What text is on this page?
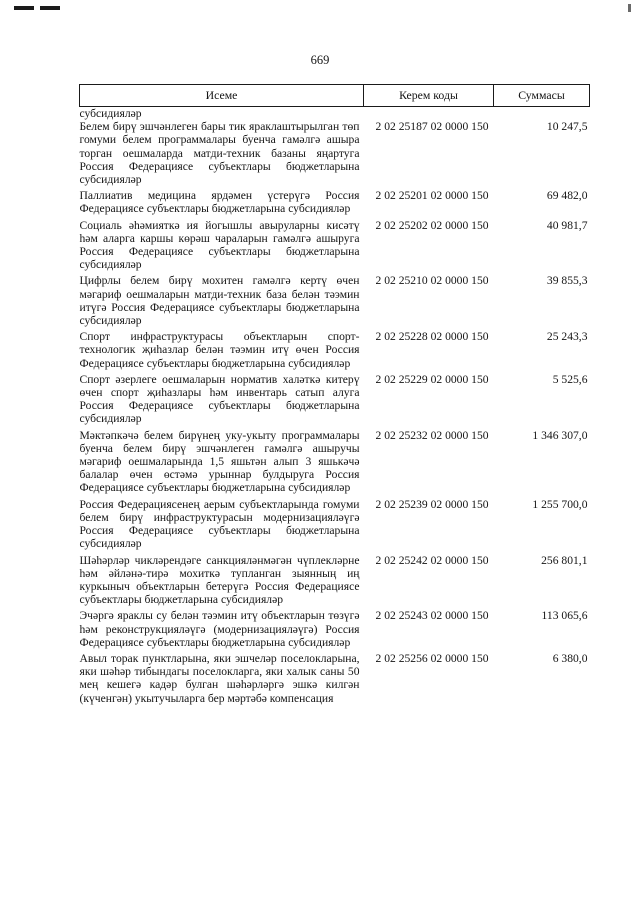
669
Исеме	Керем коды	Суммасы
субсидияләр		
Белем бирү эшчәнлеген бары тик яраклаштырылган төп гомуми белем программалары буенча гамәлгә ашыра торган оешмаларда матди-техник базаны яңартуга Россия Федерациясе субъектлары бюджетларына субсидияләр	2 02 25187 02 0000 150	10 247,5
Паллиатив медицина ярдәмен үстерүгә Россия Федерациясе субъектлары бюджетларына субсидияләр	2 02 25201 02 0000 150	69 482,0
Социаль әһәмияткә ия йогышлы авыруларны кисәтү һәм аларга каршы көрәш чараларын гамәлгә ашыруга Россия Федерациясе субъектлары бюджетларына субсидияләр	2 02 25202 02 0000 150	40 981,7
Цифрлы белем бирү мохитен гамәлгә кертү өчен мәгариф оешмаларын матди-техник база белән тәэмин итүгә Россия Федерациясе субъектлары бюджетларына субсидияләр	2 02 25210 02 0000 150	39 855,3
Спорт инфраструктурасы объектларын спорт-технологик җиһазлар белән тәэмин итү өчен Россия Федерациясе субъектлары бюджетларына субсидияләр	2 02 25228 02 0000 150	25 243,3
Спорт әзерлеге оешмаларын норматив халәткә китерү өчен спорт җиһазлары һәм инвентарь сатып алуга Россия Федерациясе субъектлары бюджетларына субсидияләр	2 02 25229 02 0000 150	5 525,6
Мәктәпкәчә белем бирүнең уку-укыту программалары буенча белем бирү эшчәнлеген гамәлгә ашыручы мәгариф оешмаларында 1,5 яшьтән алып 3 яшькәчә балалар өчен өстәмә урыннар булдыруга Россия Федерациясе субъектлары бюджетларына субсидияләр	2 02 25232 02 0000 150	1 346 307,0
Россия Федерациясенең аерым субъектларында гомуми белем бирү инфраструктурасын модернизацияләүгә Россия Федерациясе субъектлары бюджетларына субсидияләр	2 02 25239 02 0000 150	1 255 700,0
Шәһәрләр чикләрендәге санкцияләнмәгән чүплекләрне һәм әйләнә-тирә мохиткә тупланган зыянның иң куркыныч объектларын бетерүгә Россия Федерациясе субъектлары бюджетларына субсидияләр	2 02 25242 02 0000 150	256 801,1
Эчәргә яраклы су белән тәэмин итү объектларын төзүгә һәм реконструкцияләүгә (модернизацияләүгә) Россия Федерациясе субъектлары бюджетларына субсидияләр	2 02 25243 02 0000 150	113 065,6
Авыл торак пунктларына, яки эшчеләр поселокларына, яки шәһәр тибындагы поселокларга, яки халык саны 50 мең кешегә кадәр булган шәһәрләргә эшкә килгән (күченгән) укытучыларга бер мәртәбә компенсация	2 02 25256 02 0000 150	6 380,0
